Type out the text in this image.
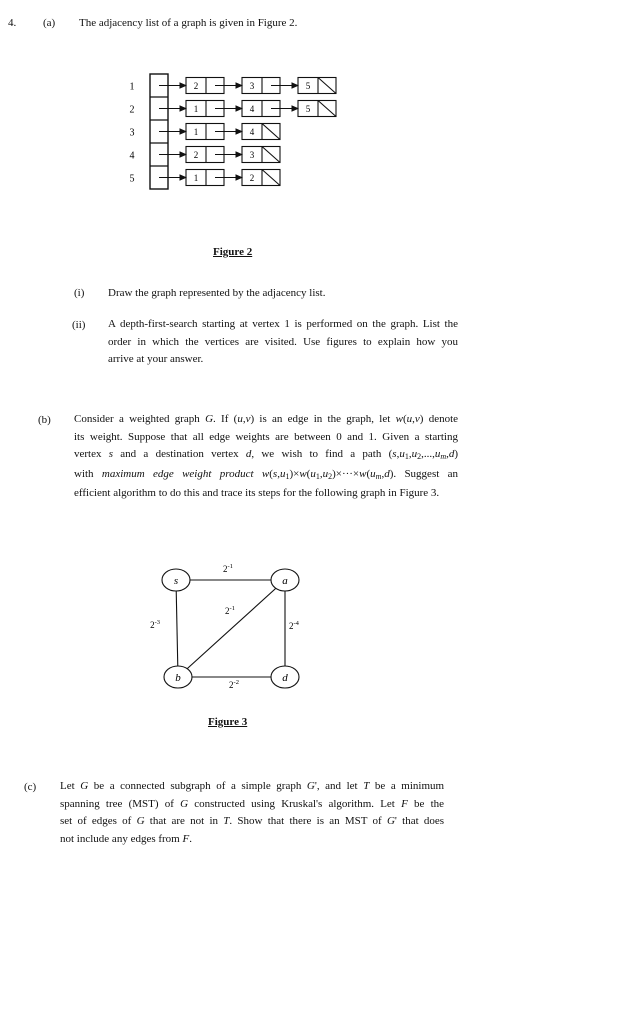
4. (a) The adjacency list of a graph is given in Figure 2.
1	2	3	5
2	1	4	5
3	1	4
4	2	3
5	1	2
Figure 2
(i) Draw the graph represented by the adjacency list.
(ii) A depth-first-search starting at vertex 1 is performed on the graph. List the
order in which the vertices are visited. Use figures to explain how you
arrive at your answer.
(b) Consider a weighted graph G. If (u,v) is an edge in the graph, let w(u,v) denote
its weight. Suppose that all edge weights are between 0 and 1. Given a starting
vertex s and a destination vertex d, we wish to find a path $(s,u_1,u_2,...,u_m,d)$
with maximum edge weight product $w(s,u_1)\times w(u_1,u_2)\times\cdot\cdot\cdot\times w(u_m,d)$. Suggest an
efficient algorithm to do this and trace its steps for the following graph in Figure 3.
$2^{-1}$
$2^{-1}$
$2^{-3}$	$2^{-4}$
$2^{-2}$
s	a
b	d
Figure 3
(c) Let G be a connected subgraph of a simple graph G', and let T be a minimum
spanning tree (MST) of G constructed using Kruskal's algorithm. Let F be the
set of edges of G that are not in T. Show that there is an MST of G' that does
not include any edges from F.
